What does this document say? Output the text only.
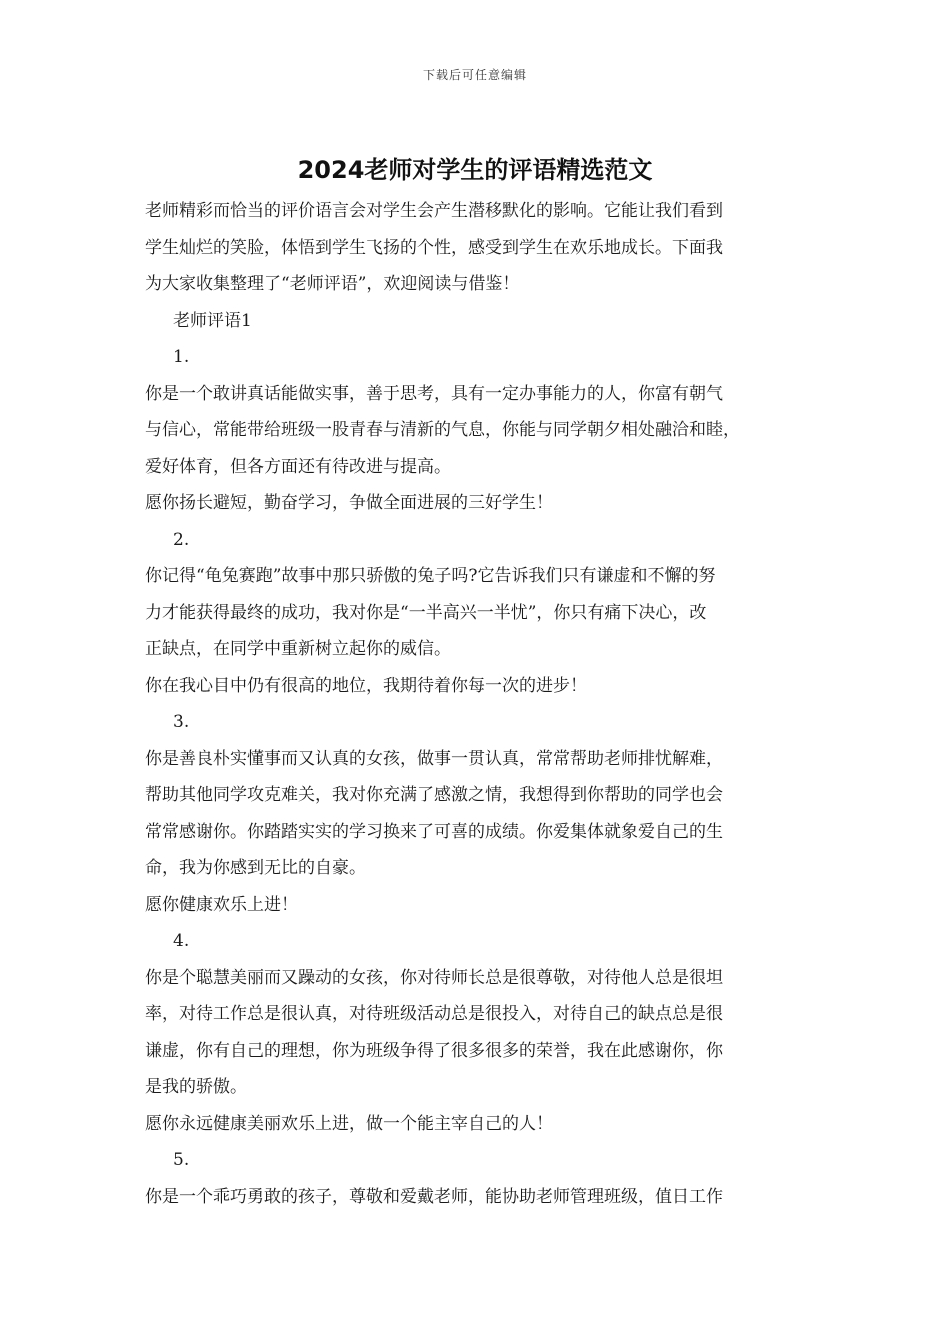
下载后可任意编辑
2024老师对学生的评语精选范文

老师精彩而恰当的评价语言会对学生会产生潜移默化的影响。它能让我们看到

学生灿烂的笑脸，体悟到学生飞扬的个性，感受到学生在欢乐地成长。下面我

为大家收集整理了“老师评语”，欢迎阅读与借鉴！

老师评语1

1.

你是一个敢讲真话能做实事，善于思考，具有一定办事能力的人，你富有朝气

与信心，常能带给班级一股青春与清新的气息，你能与同学朝夕相处融洽和睦，

爱好体育，但各方面还有待改进与提高。

愿你扬长避短，勤奋学习，争做全面进展的三好学生！

2.

你记得“龟兔赛跑”故事中那只骄傲的兔子吗?它告诉我们只有谦虚和不懈的努

力才能获得最终的成功，我对你是“一半高兴一半忧”，你只有痛下决心，改

正缺点，在同学中重新树立起你的威信。

你在我心目中仍有很高的地位，我期待着你每一次的进步！

3.

你是善良朴实懂事而又认真的女孩，做事一贯认真，常常帮助老师排忧解难，

帮助其他同学攻克难关，我对你充满了感激之情，我想得到你帮助的同学也会

常常感谢你。你踏踏实实的学习换来了可喜的成绩。你爱集体就象爱自己的生

命，我为你感到无比的自豪。

愿你健康欢乐上进！

4.

你是个聪慧美丽而又躁动的女孩，你对待师长总是很尊敬，对待他人总是很坦

率，对待工作总是很认真，对待班级活动总是很投入，对待自己的缺点总是很

谦虚，你有自己的理想，你为班级争得了很多很多的荣誉，我在此感谢你，你

是我的骄傲。

愿你永远健康美丽欢乐上进，做一个能主宰自己的人！

5.

你是一个乖巧勇敢的孩子，尊敬和爱戴老师，能协助老师管理班级，值日工作
